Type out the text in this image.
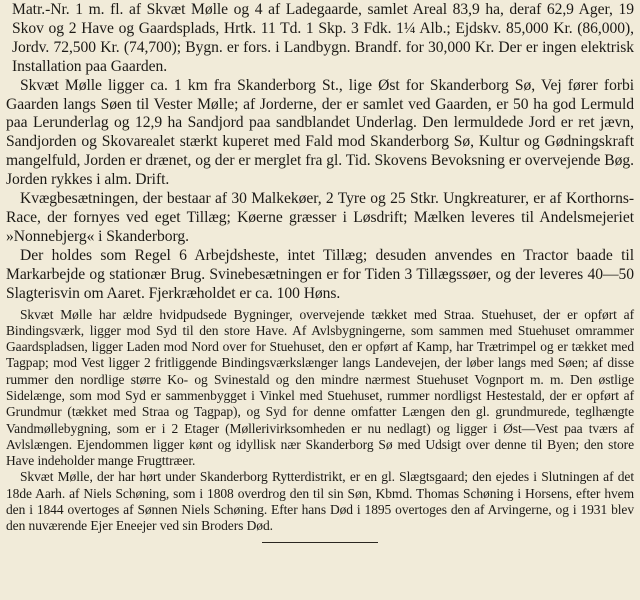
Matr.-Nr. 1 m. fl. af Skvæt Mølle og 4 af Ladegaarde, samlet Areal 83,9 ha, deraf 62,9 Ager, 19 Skov og 2 Have og Gaardsplads, Hrtk. 11 Td. 1 Skp. 3 Fdk. 1¼ Alb.; Ejdskv. 85,000 Kr. (86,000), Jordv. 72,500 Kr. (74,700); Bygn. er fors. i Landbygn. Brandf. for 30,000 Kr. Der er ingen elektrisk Installation paa Gaarden.

Skvæt Mølle ligger ca. 1 km fra Skanderborg St., lige Øst for Skanderborg Sø, Vej fører forbi Gaarden langs Søen til Vester Mølle; af Jorderne, der er samlet ved Gaarden, er 50 ha god Lermuld paa Lerunderlag og 12,9 ha Sandjord paa sandblandet Underlag. Den lermuldede Jord er ret jævn, Sandjorden og Skovarealet stærkt kuperet med Fald mod Skanderborg Sø, Kultur og Gødningskraft mangelfuld, Jorden er drænet, og der er merglet fra gl. Tid. Skovens Bevoksning er overvejende Bøg. Jorden rykkes i alm. Drift.

Kvægbesætningen, der bestaar af 30 Malkekøer, 2 Tyre og 25 Stkr. Ungkreaturer, er af Korthorns-Race, der fornyes ved eget Tillæg; Køerne græsser i Løsdrift; Mælken leveres til Andelsmejeriet »Nonnebjerg« i Skanderborg.

Der holdes som Regel 6 Arbejdsheste, intet Tillæg; desuden anvendes en Tractor baade til Markarbejde og stationær Brug. Svinebesætningen er for Tiden 3 Tillægssøer, og der leveres 40—50 Slagterisvin om Aaret. Fjerkræholdet er ca. 100 Høns.

Skvæt Mølle har ældre hvidpudsede Bygninger, overvejende tækket med Straa. Stuehuset, der er opført af Bindingsværk, ligger mod Syd til den store Have. Af Avlsbygningerne, som sammen med Stuehuset omrammer Gaardspladsen, ligger Laden mod Nord over for Stuehuset, den er opført af Kamp, har Trætrimpel og er tækket med Tagpap; mod Vest ligger 2 fritliggende Bindingsværkslænger langs Landevejen, der løber langs med Søen; af disse rummer den nordlige større Ko- og Svinestald og den mindre nærmest Stuehuset Vognport m. m. Den østlige Sidelænge, som mod Syd er sammenbygget i Vinkel med Stuehuset, rummer nordligst Hestestald, der er opført af Grundmur (tækket med Straa og Tagpap), og Syd for denne omfatter Længen den gl. grundmurede, teglhængte Vandmøllebygning, som er i 2 Etager (Møllerivirksomheden er nu nedlagt) og ligger i Øst—Vest paa tværs af Avlslængen. Ejendommen ligger kønt og idyllisk nær Skanderborg Sø med Udsigt over denne til Byen; den store Have indeholder mange Frugttræer.

Skvæt Mølle, der har hørt under Skanderborg Rytterdistrikt, er en gl. Slægtsgaard; den ejedes i Slutningen af det 18de Aarh. af Niels Schøning, som i 1808 overdrog den til sin Søn, Kbmd. Thomas Schøning i Horsens, efter hvem den i 1844 overtoges af Sønnen Niels Schøning. Efter hans Død i 1895 overtoges den af Arvingerne, og i 1931 blev den nuværende Ejer Eneejer ved sin Broders Død.
